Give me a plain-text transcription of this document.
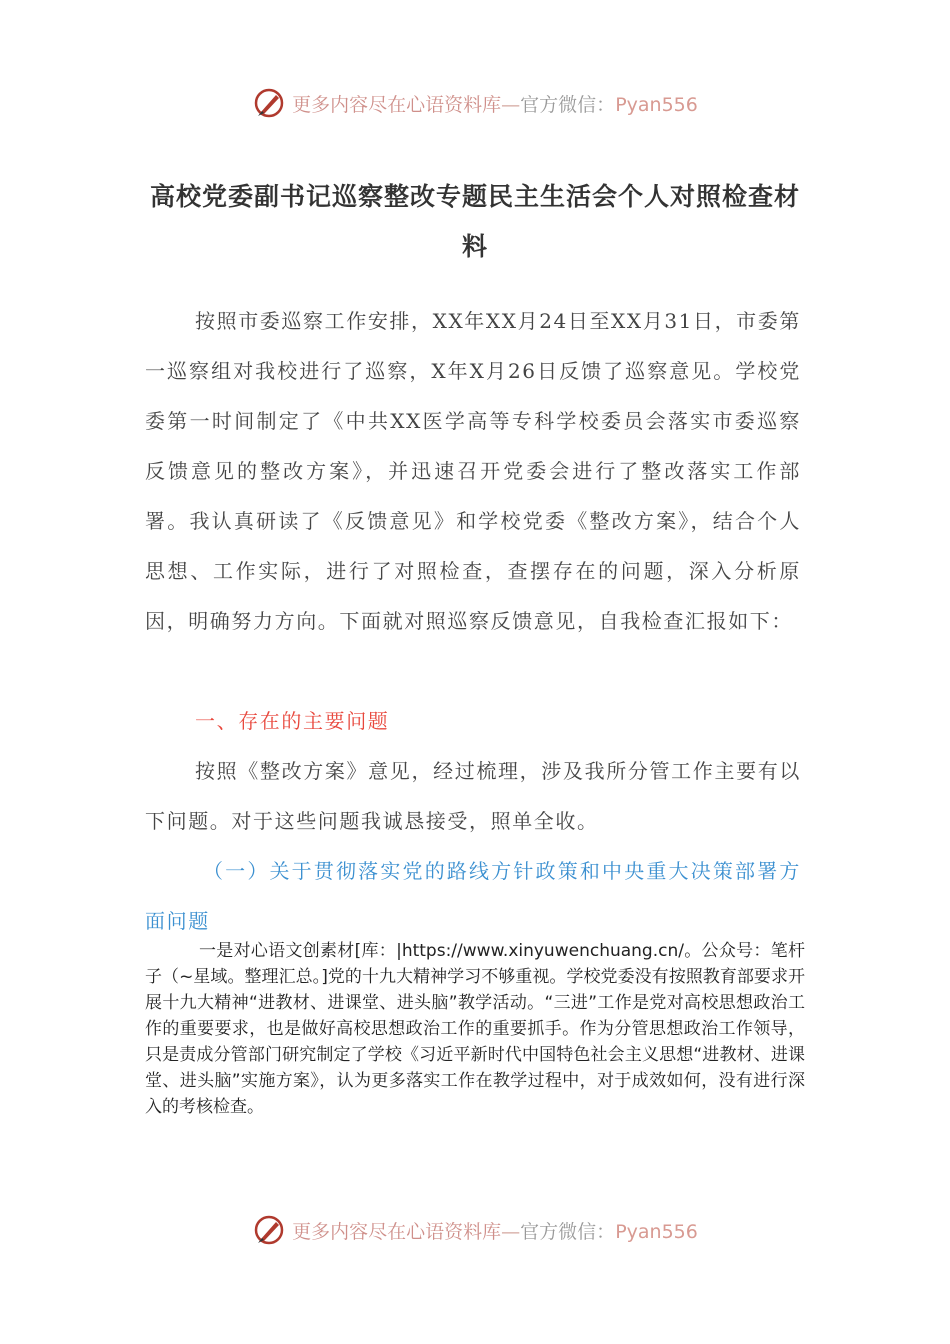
更多内容尽在心语资料库—官方微信：Pyan556
高校党委副书记巡察整改专题民主生活会个人对照检查材料
按照市委巡察工作安排，XX年XX月24日至XX月31日，市委第一巡察组对我校进行了巡察，X年X月26日反馈了巡察意见。学校党委第一时间制定了《中共XX医学高等专科学校委员会落实市委巡察反馈意见的整改方案》，并迅速召开党委会进行了整改落实工作部署。我认真研读了《反馈意见》和学校党委《整改方案》，结合个人思想、工作实际，进行了对照检查，查摆存在的问题，深入分析原因，明确努力方向。下面就对照巡察反馈意见，自我检查汇报如下：
一、存在的主要问题
按照《整改方案》意见，经过梳理，涉及我所分管工作主要有以下问题。对于这些问题我诚恳接受，照单全收。
（一）关于贯彻落实党的路线方针政策和中央重大决策部署方面问题
一是对心语文创素材[库：|https://www.xinyuwenchuang.cn/。公众号：笔杆子（~星域。整理汇总。]党的十九大精神学习不够重视。学校党委没有按照教育部要求开展十九大精神“进教材、进课堂、进头脑”教学活动。“三进”工作是党对高校思想政治工作的重要要求，也是做好高校思想政治工作的重要抓手。作为分管思想政治工作领导，只是责成分管部门研究制定了学校《习近平新时代中国特色社会主义思想“进教材、进课堂、进头脑”实施方案》，认为更多落实工作在教学过程中，对于成效如何，没有进行深入的考核检查。
更多内容尽在心语资料库—官方微信：Pyan556
